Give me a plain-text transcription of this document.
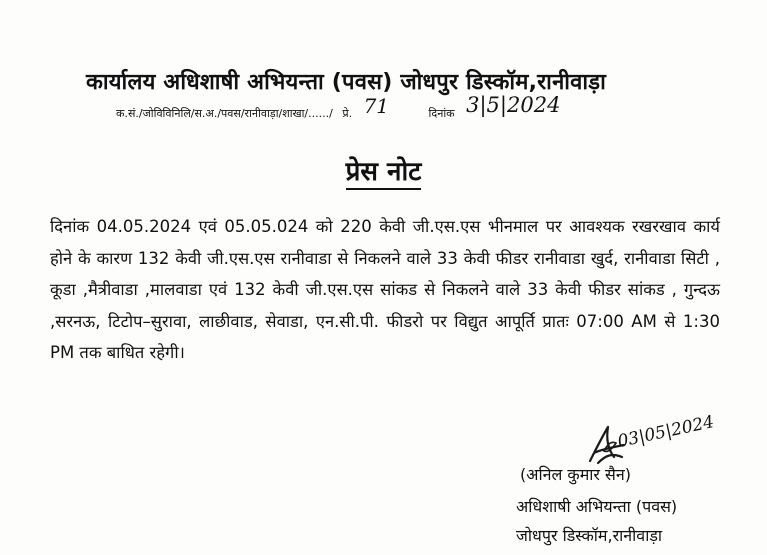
कार्यालय अधिशाषी अभियन्ता (पवस) जोधपुर डिस्कॉम,रानीवाड़ा
क.सं./जोविविनिलि/स.अ./पवस/रानीवाड़ा/शाखा/....../ प्रे. 71	दिनांक 3|5|2024
प्रेस नोट
दिनांक 04.05.2024 एवं 05.05.024 को 220 केवी जी.एस.एस भीनमाल पर आवश्यक रखरखाव कार्य होने के कारण 132 केवी जी.एस.एस रानीवाडा से निकलने वाले 33 केवी फीडर रानीवाडा खुर्द, रानीवाडा सिटी , कूडा ,मैत्रीवाडा ,मालवाडा एवं 132 केवी जी.एस.एस सांकड से निकलने वाले 33 केवी फीडर सांकड , गुन्दऊ ,सरनऊ, टिटोप–सुरावा, लाछीवाड, सेवाडा, एन.सी.पी. फीडरो पर विद्युत आपूर्ति प्रातः 07:00 AM से 1:30 PM तक बाधित रहेगी।
03|05|2024
(अनिल कुमार सैन)
अधिशाषी अभियन्ता (पवस)
जोधपुर डिस्कॉम,रानीवाड़ा
